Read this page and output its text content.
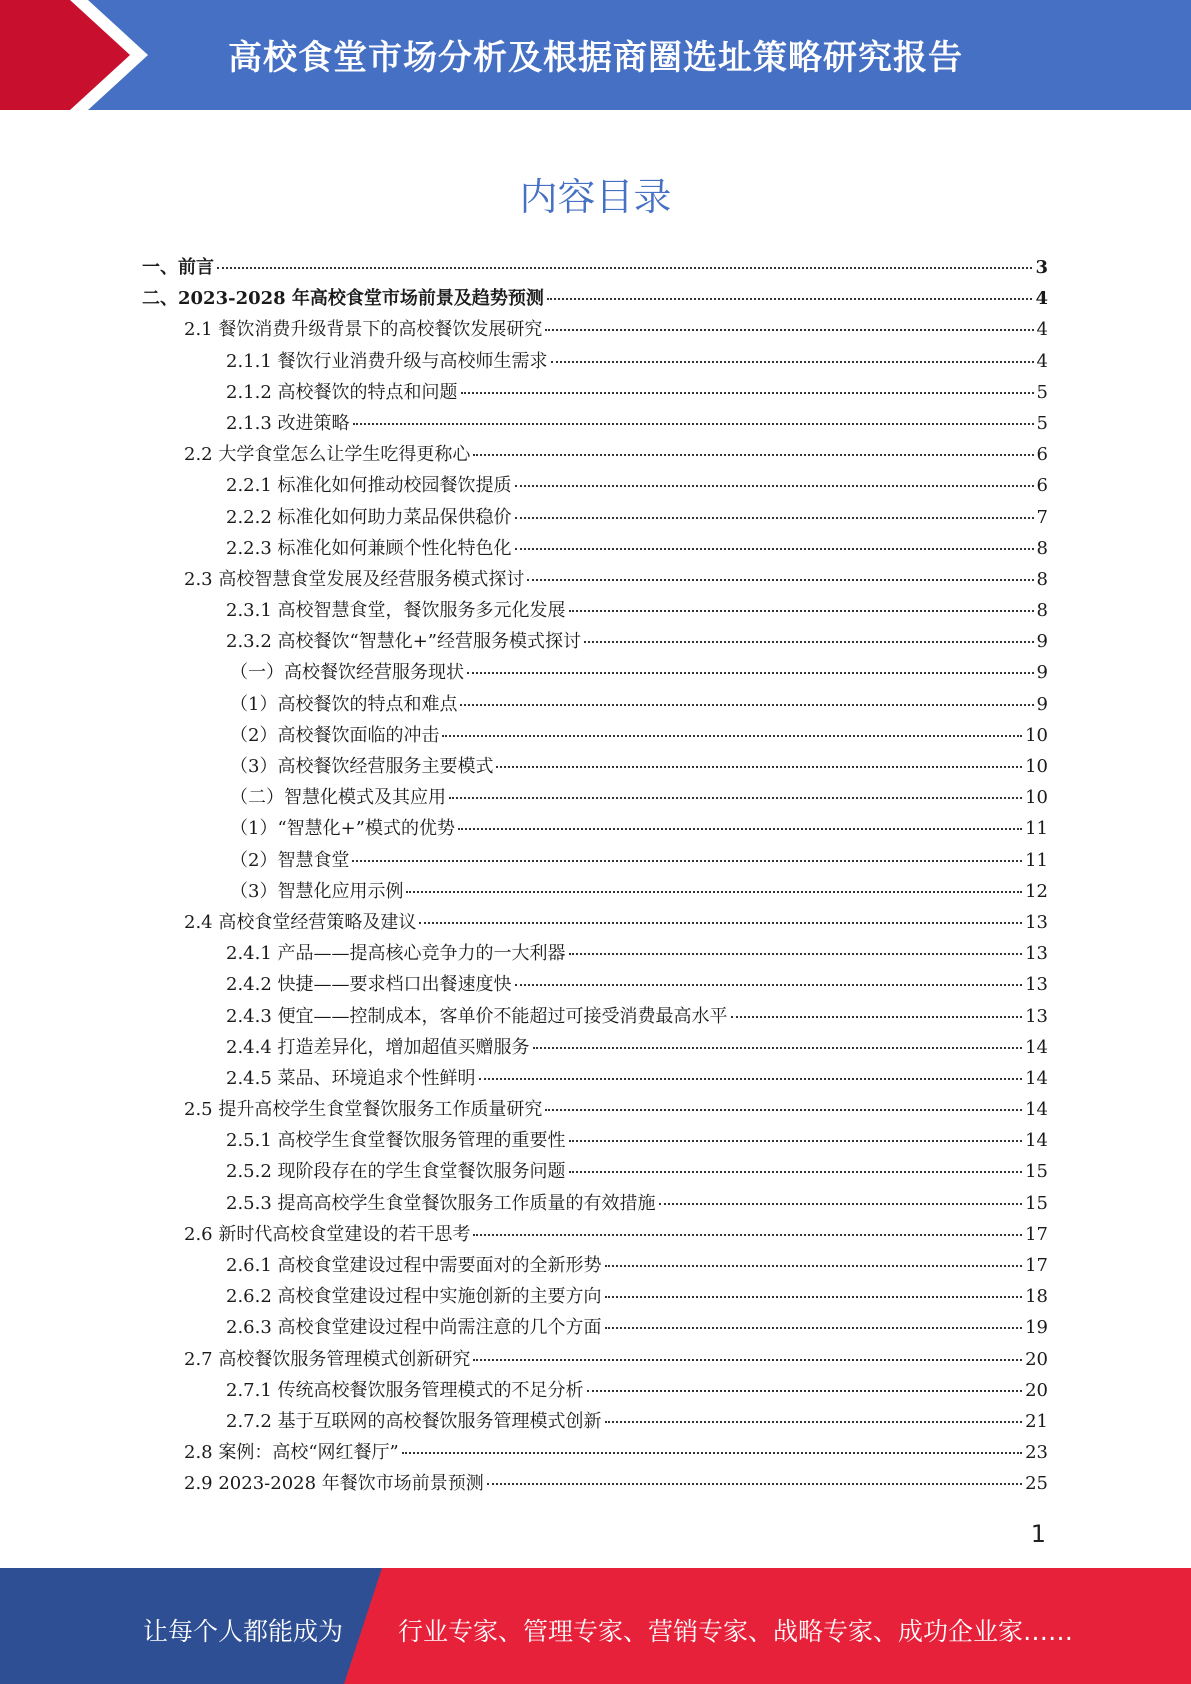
高校食堂市场分析及根据商圈选址策略研究报告
内容目录
一、前言	3
二、2023-2028 年高校食堂市场前景及趋势预测	4
2.1 餐饮消费升级背景下的高校餐饮发展研究	4
2.1.1 餐饮行业消费升级与高校师生需求	4
2.1.2 高校餐饮的特点和问题	5
2.1.3 改进策略	5
2.2 大学食堂怎么让学生吃得更称心	6
2.2.1 标准化如何推动校园餐饮提质	6
2.2.2 标准化如何助力菜品保供稳价	7
2.2.3 标准化如何兼顾个性化特色化	8
2.3 高校智慧食堂发展及经营服务模式探讨	8
2.3.1 高校智慧食堂，餐饮服务多元化发展	8
2.3.2 高校餐饮“智慧化+”经营服务模式探讨	9
（一）高校餐饮经营服务现状	9
（1）高校餐饮的特点和难点	9
（2）高校餐饮面临的冲击	10
（3）高校餐饮经营服务主要模式	10
（二）智慧化模式及其应用	10
（1）“智慧化+”模式的优势	11
（2）智慧食堂	11
（3）智慧化应用示例	12
2.4 高校食堂经营策略及建议	13
2.4.1 产品——提高核心竞争力的一大利器	13
2.4.2 快捷——要求档口出餐速度快	13
2.4.3 便宜——控制成本，客单价不能超过可接受消费最高水平	13
2.4.4 打造差异化，增加超值买赠服务	14
2.4.5 菜品、环境追求个性鲜明	14
2.5 提升高校学生食堂餐饮服务工作质量研究	14
2.5.1 高校学生食堂餐饮服务管理的重要性	14
2.5.2 现阶段存在的学生食堂餐饮服务问题	15
2.5.3 提高高校学生食堂餐饮服务工作质量的有效措施	15
2.6 新时代高校食堂建设的若干思考	17
2.6.1 高校食堂建设过程中需要面对的全新形势	17
2.6.2 高校食堂建设过程中实施创新的主要方向	18
2.6.3 高校食堂建设过程中尚需注意的几个方面	19
2.7 高校餐饮服务管理模式创新研究	20
2.7.1 传统高校餐饮服务管理模式的不足分析	20
2.7.2 基于互联网的高校餐饮服务管理模式创新	21
2.8 案例：高校“网红餐厅”	23
2.9 2023-2028 年餐饮市场前景预测	25
1
让每个人都能成为 行业专家、管理专家、营销专家、战略专家、成功企业家……
